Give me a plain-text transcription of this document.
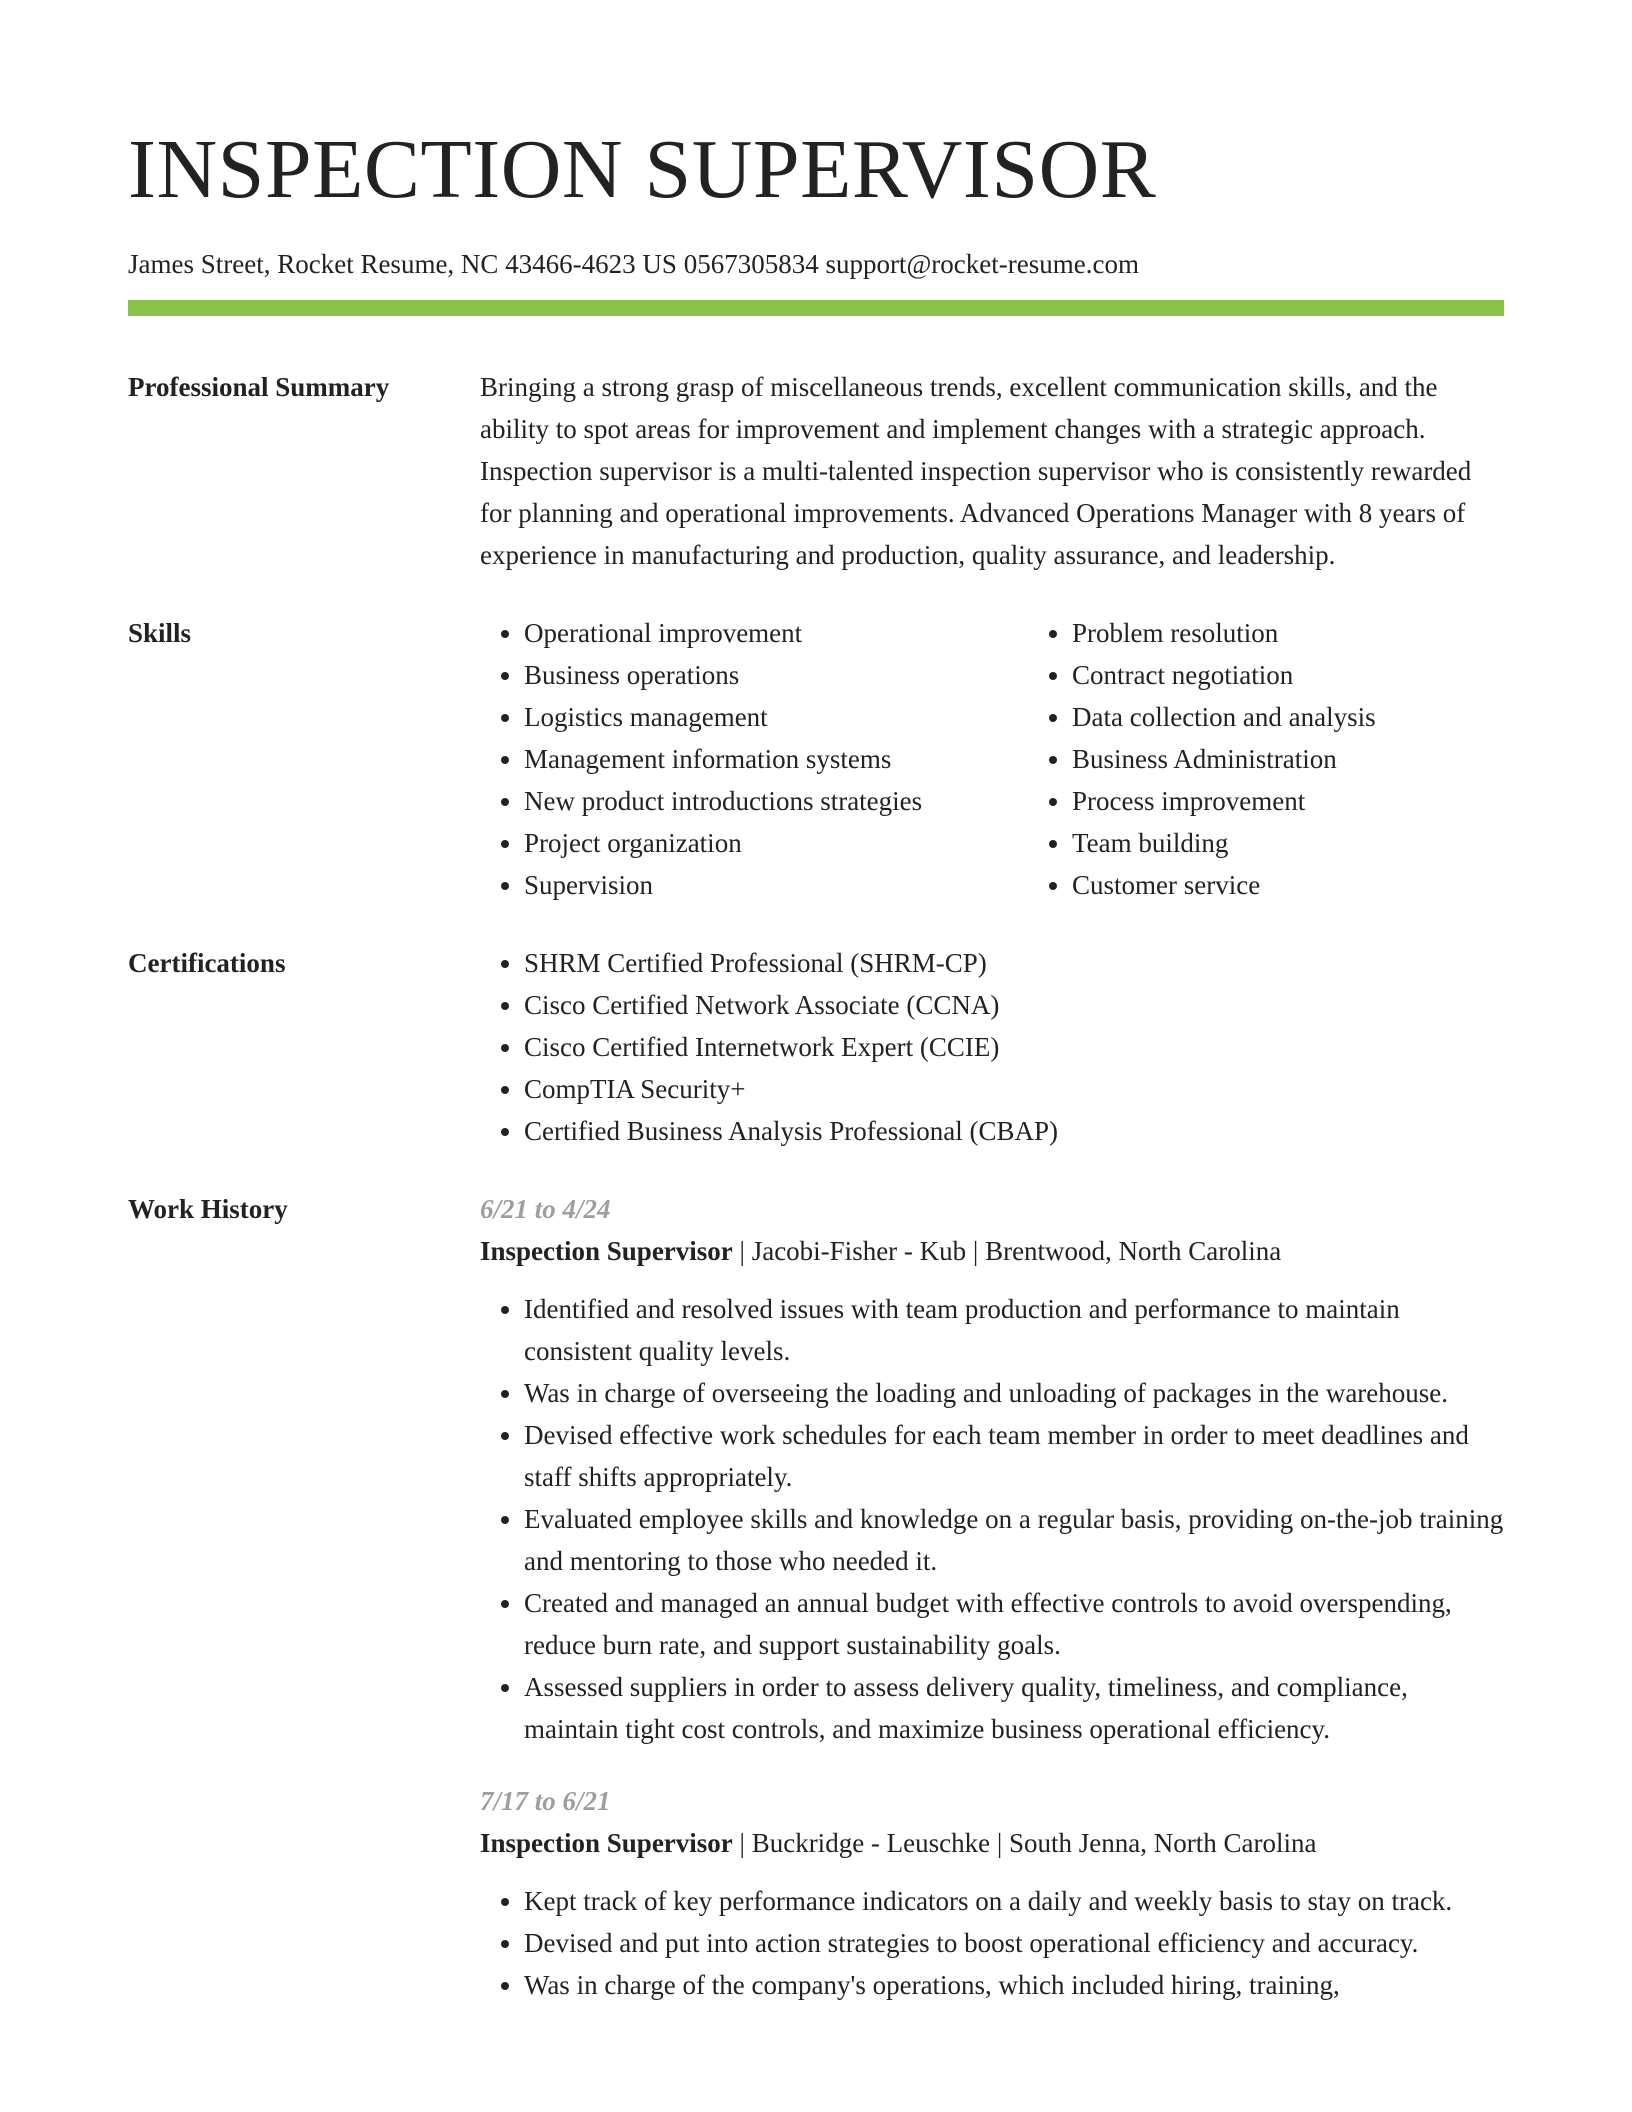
INSPECTION SUPERVISOR
James Street, Rocket Resume, NC 43466-4623 US 0567305834 support@rocket-resume.com
Professional Summary	Bringing a strong grasp of miscellaneous trends, excellent communication skills, and the ability to spot areas for improvement and implement changes with a strategic approach. Inspection supervisor is a multi-talented inspection supervisor who is consistently rewarded for planning and operational improvements. Advanced Operations Manager with 8 years of experience in manufacturing and production, quality assurance, and leadership.

Skills	• Operational improvement
• Business operations
• Logistics management
• Management information systems
• New product introductions strategies
• Project organization
• Supervision
• Problem resolution
• Contract negotiation
• Data collection and analysis
• Business Administration
• Process improvement
• Team building
• Customer service
Certifications	• SHRM Certified Professional (SHRM-CP)
• Cisco Certified Network Associate (CCNA)
• Cisco Certified Internetwork Expert (CCIE)
• CompTIA Security+
• Certified Business Analysis Professional (CBAP)
Work History	6/21 to 4/24
Inspection Supervisor | Jacobi-Fisher - Kub | Brentwood, North Carolina
• Identified and resolved issues with team production and performance to maintain consistent quality levels.
• Was in charge of overseeing the loading and unloading of packages in the warehouse.
• Devised effective work schedules for each team member in order to meet deadlines and staff shifts appropriately.
• Evaluated employee skills and knowledge on a regular basis, providing on-the-job training and mentoring to those who needed it.
• Created and managed an annual budget with effective controls to avoid overspending, reduce burn rate, and support sustainability goals.
• Assessed suppliers in order to assess delivery quality, timeliness, and compliance, maintain tight cost controls, and maximize business operational efficiency.
7/17 to 6/21
Inspection Supervisor | Buckridge - Leuschke | South Jenna, North Carolina
• Kept track of key performance indicators on a daily and weekly basis to stay on track.
• Devised and put into action strategies to boost operational efficiency and accuracy.
• Was in charge of the company's operations, which included hiring, training,
